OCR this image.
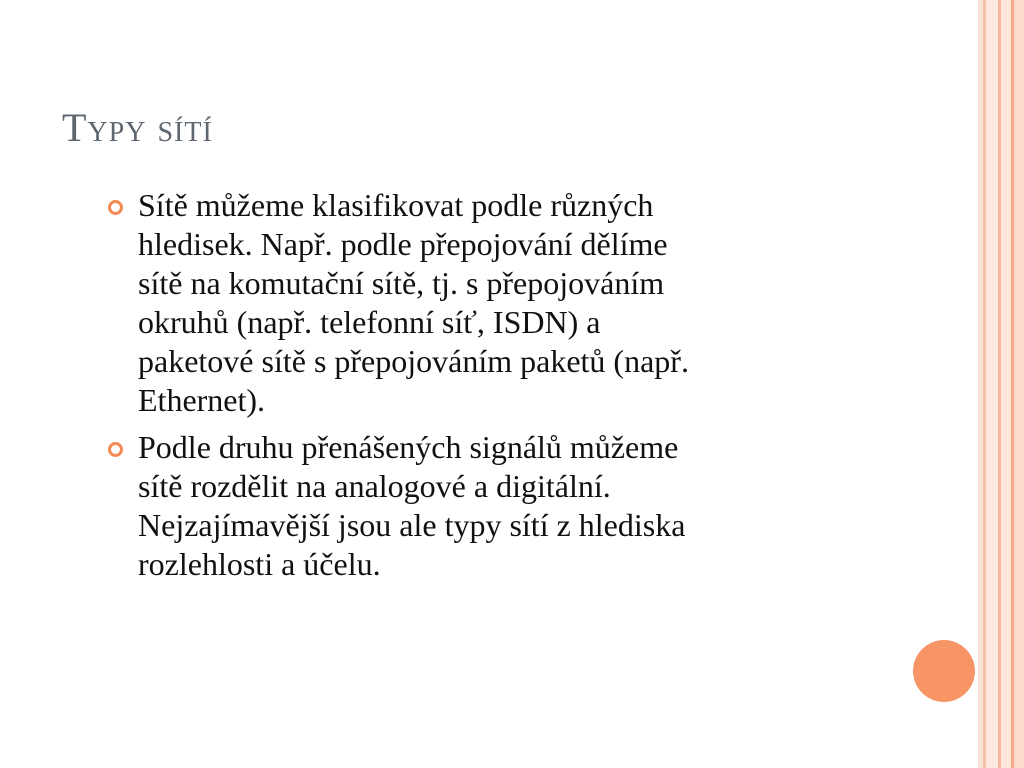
Typy sítí
Sítě můžeme klasifikovat podle různých
hledisek. Např. podle přepojování dělíme
sítě na komutační sítě, tj. s přepojováním
okruhů (např. telefonní síť, ISDN) a
paketové sítě s přepojováním paketů (např.
Ethernet).
Podle druhu přenášených signálů můžeme
sítě rozdělit na analogové a digitální.
Nejzajímavější jsou ale typy sítí z hlediska
rozlehlosti a účelu.
